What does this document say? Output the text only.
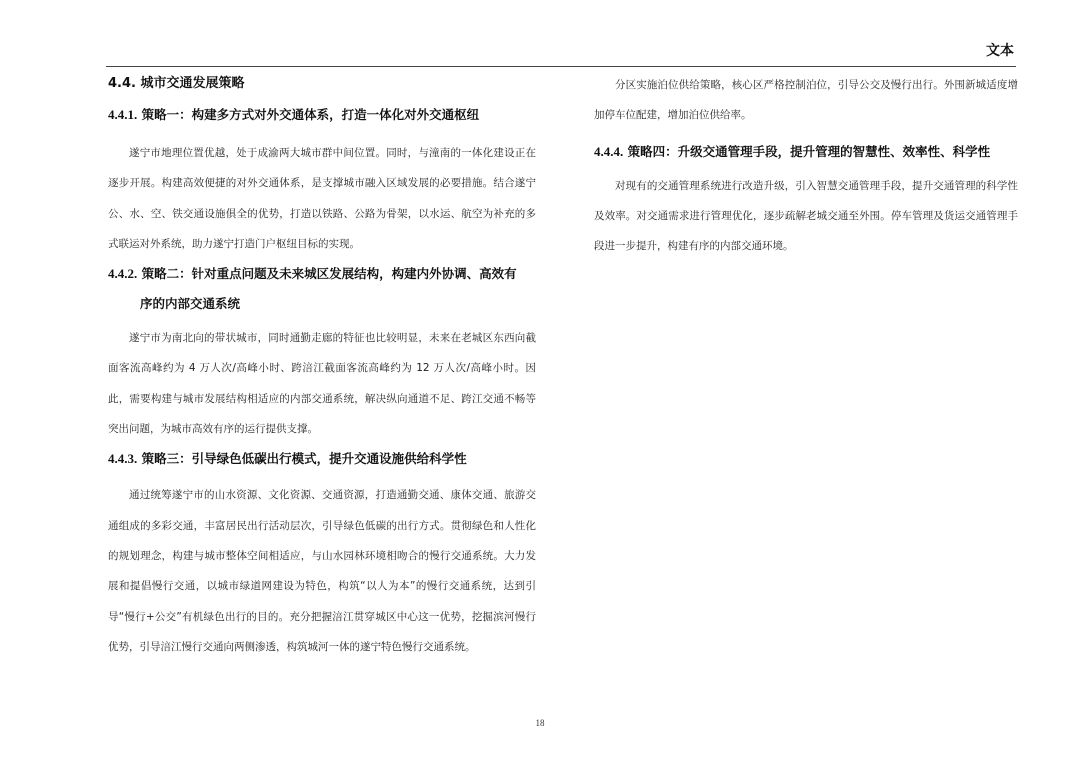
文本
4.4. 城市交通发展策略
4.4.1. 策略一：构建多方式对外交通体系，打造一体化对外交通枢纽

遂宁市地理位置优越，处于成渝两大城市群中间位置。同时，与潼南的一体化建设正在逐步开展。构建高效便捷的对外交通体系，是支撑城市融入区域发展的必要措施。结合遂宁公、水、空、铁交通设施俱全的优势，打造以铁路、公路为骨架，以水运、航空为补充的多式联运对外系统，助力遂宁打造门户枢纽目标的实现。

4.4.2. 策略二：针对重点问题及未来城区发展结构，构建内外协调、高效有
序的内部交通系统

遂宁市为南北向的带状城市，同时通勤走廊的特征也比较明显，未来在老城区东西向截面客流高峰约为 4 万人次/高峰小时、跨涪江截面客流高峰约为 12 万人次/高峰小时。因此，需要构建与城市发展结构相适应的内部交通系统，解决纵向通道不足、跨江交通不畅等突出问题，为城市高效有序的运行提供支撑。

4.4.3. 策略三：引导绿色低碳出行模式，提升交通设施供给科学性

通过统筹遂宁市的山水资源、文化资源、交通资源，打造通勤交通、康体交通、旅游交通组成的多彩交通，丰富居民出行活动层次，引导绿色低碳的出行方式。贯彻绿色和人性化的规划理念，构建与城市整体空间相适应，与山水园林环境相吻合的慢行交通系统。大力发展和提倡慢行交通，以城市绿道网建设为特色，构筑“以人为本”的慢行交通系统，达到引导“慢行+公交”有机绿色出行的目的。充分把握涪江贯穿城区中心这一优势，挖掘滨河慢行优势，引导涪江慢行交通向两侧渗透，构筑城河一体的遂宁特色慢行交通系统。

分区实施泊位供给策略，核心区严格控制泊位，引导公交及慢行出行。外围新城适度增加停车位配建，增加泊位供给率。

4.4.4. 策略四：升级交通管理手段，提升管理的智慧性、效率性、科学性

对现有的交通管理系统进行改造升级，引入智慧交通管理手段，提升交通管理的科学性及效率。对交通需求进行管理优化，逐步疏解老城交通至外围。停车管理及货运交通管理手段进一步提升，构建有序的内部交通环境。

18
